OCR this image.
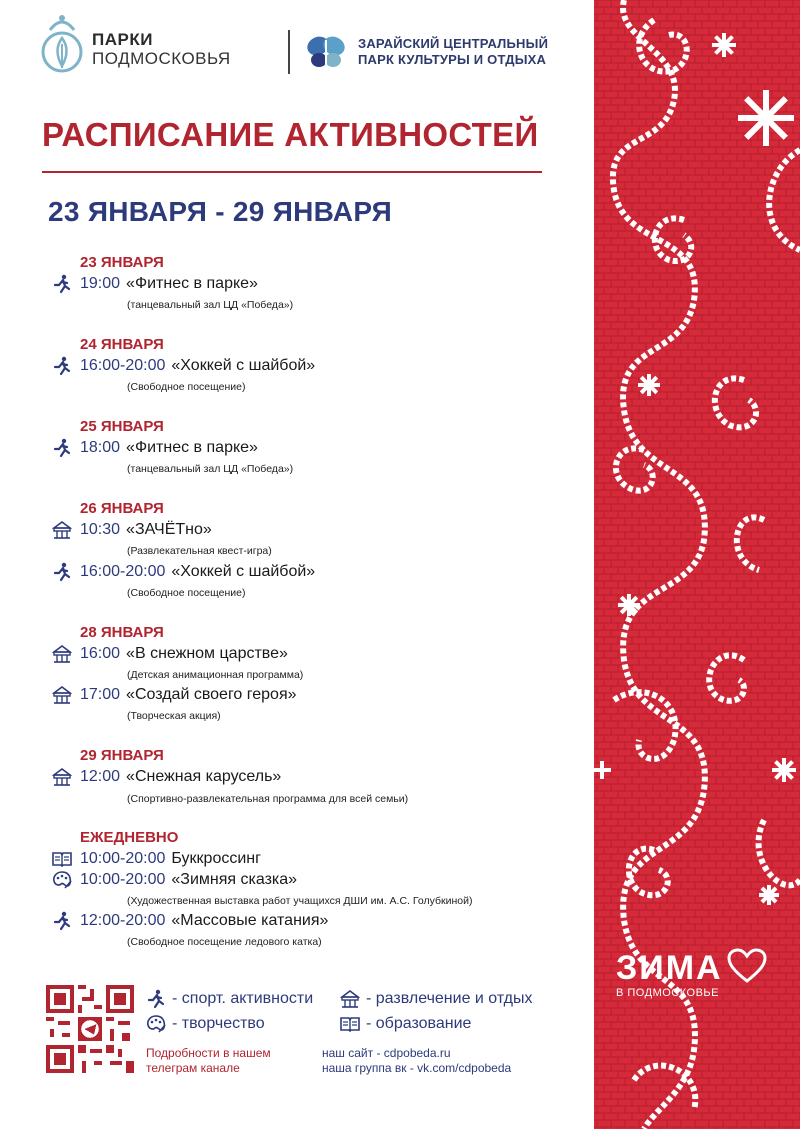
ПАРКИ
ПОДМОСКОВЬЯ
ЗАРАЙСКИЙ ЦЕНТРАЛЬНЫЙ
ПАРК КУЛЬТУРЫ И ОТДЫХА
РАСПИСАНИЕ АКТИВНОСТЕЙ
23 ЯНВАРЯ - 29 ЯНВАРЯ
23 ЯНВАРЯ
19:00 «Фитнес в парке»
(танцевальный зал ЦД «Победа»)
24 ЯНВАРЯ
16:00-20:00 «Хоккей с шайбой»
(Свободное посещение)
25 ЯНВАРЯ
18:00 «Фитнес в парке»
(танцевальный зал ЦД «Победа»)
26 ЯНВАРЯ
10:30 «ЗАЧЁТно»
(Развлекательная квест-игра)
16:00-20:00 «Хоккей с шайбой»
(Свободное посещение)
28 ЯНВАРЯ
16:00 «В снежном царстве»
(Детская анимационная программа)
17:00 «Создай своего героя»
(Творческая акция)
29 ЯНВАРЯ
12:00 «Снежная карусель»
(Спортивно-развлекательная программа для всей семьи)
ЕЖЕДНЕВНО
10:00-20:00 Буккроссинг
10:00-20:00 «Зимняя сказка»
(Художественная выставка работ учащихся ДШИ им. А.С. Голубкиной)
12:00-20:00 «Массовые катания»
(Свободное посещение ледового катка)
- спорт. активности
- творчество
- развлечение и отдых
- образование
Подробности в нашем
телеграм канале
наш сайт - cdpobeda.ru
наша группа вк - vk.com/cdpobeda
ЗИМА
В ПОДМОСКОВЬЕ
